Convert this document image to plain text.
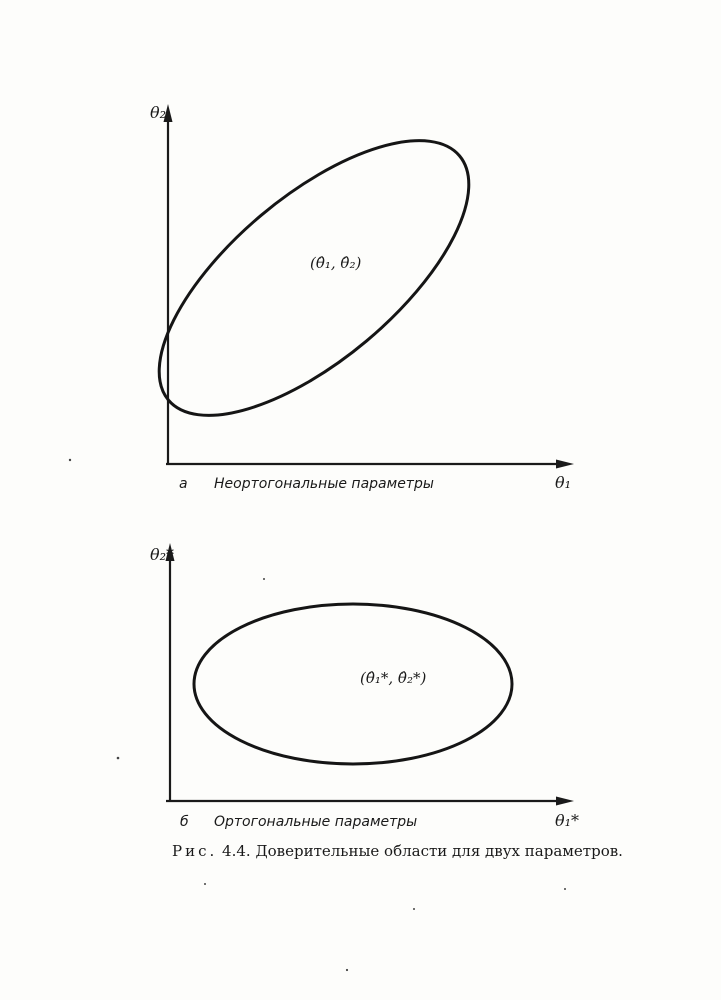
θ₂
θ₁
(θ̂₁, θ̂₂)
а Неортогональные параметры
θ₂*
θ₁*
(θ̂₁*, θ̂₂*)
б Ортогональные параметры
Рис. 4.4. Доверительные области для двух параметров.
